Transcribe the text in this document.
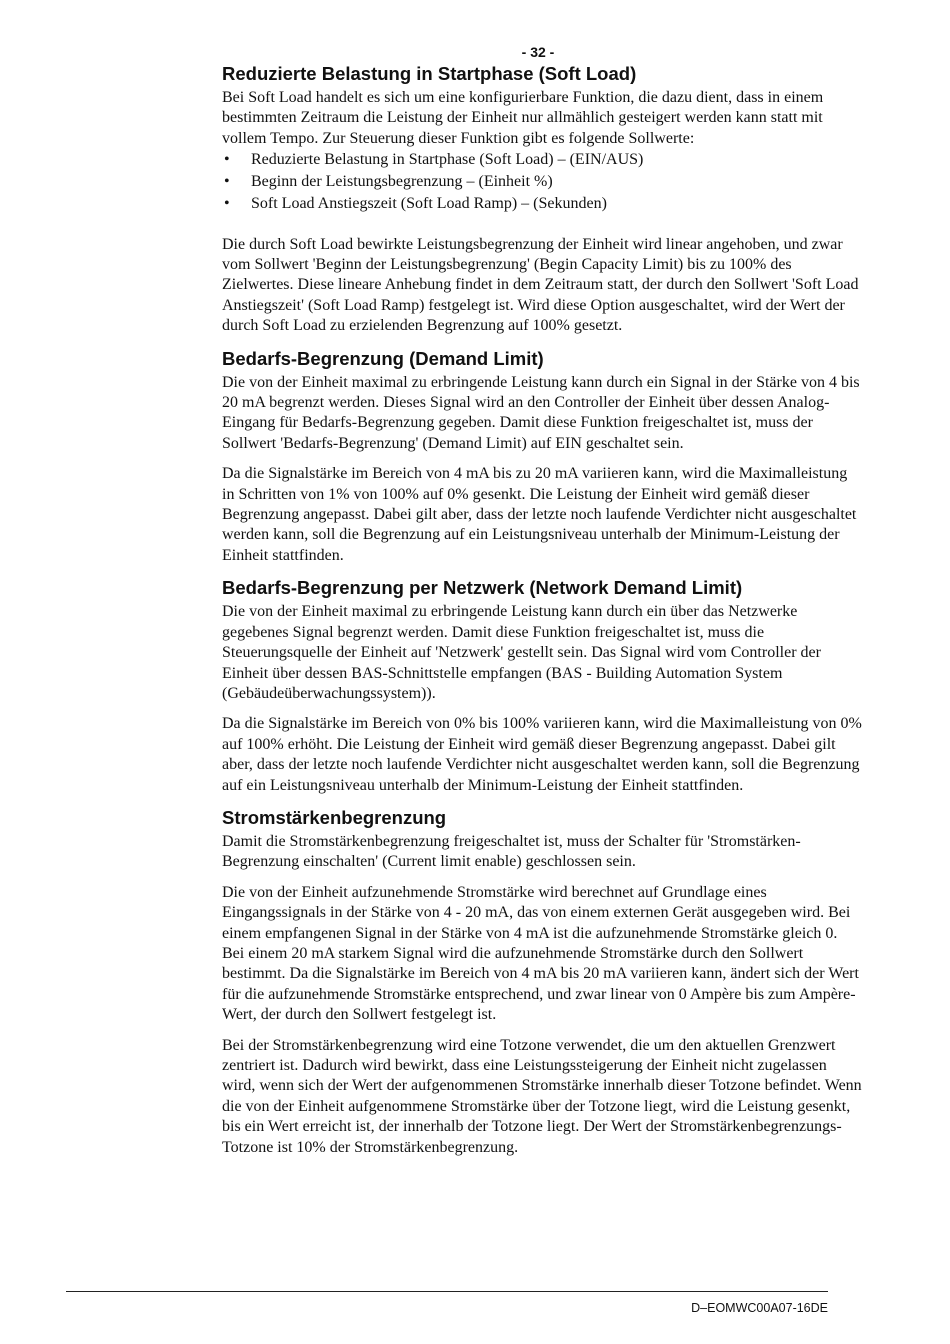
- 32 -
Reduzierte Belastung in Startphase (Soft Load)

Bei Soft Load handelt es sich um eine konfigurierbare Funktion, die dazu dient, dass in einem bestimmten Zeitraum die Leistung der Einheit nur allmählich gesteigert werden kann statt mit vollem Tempo. Zur Steuerung dieser Funktion gibt es folgende Sollwerte:

• Reduzierte Belastung in Startphase (Soft Load) – (EIN/AUS)
• Beginn der Leistungsbegrenzung – (Einheit %)
• Soft Load Anstiegszeit (Soft Load Ramp) – (Sekunden)

Die durch Soft Load bewirkte Leistungsbegrenzung der Einheit wird linear angehoben, und zwar vom Sollwert 'Beginn der Leistungsbegrenzung' (Begin Capacity Limit) bis zu 100% des Zielwertes. Diese lineare Anhebung findet in dem Zeitraum statt, der durch den Sollwert 'Soft Load Anstiegszeit' (Soft Load Ramp) festgelegt ist. Wird diese Option ausgeschaltet, wird der Wert der durch Soft Load zu erzielenden Begrenzung auf 100% gesetzt.

Bedarfs-Begrenzung (Demand Limit)

Die von der Einheit maximal zu erbringende Leistung kann durch ein Signal in der Stärke von 4 bis 20 mA begrenzt werden. Dieses Signal wird an den Controller der Einheit über dessen Analog-Eingang für Bedarfs-Begrenzung gegeben. Damit diese Funktion freigeschaltet ist, muss der Sollwert 'Bedarfs-Begrenzung' (Demand Limit) auf EIN geschaltet sein.

Da die Signalstärke im Bereich von 4 mA bis zu 20 mA variieren kann, wird die Maximalleistung in Schritten von 1% von 100% auf 0% gesenkt. Die Leistung der Einheit wird gemäß dieser Begrenzung angepasst. Dabei gilt aber, dass der letzte noch laufende Verdichter nicht ausgeschaltet werden kann, soll die Begrenzung auf ein Leistungsniveau unterhalb der Minimum-Leistung der Einheit stattfinden.

Bedarfs-Begrenzung per Netzwerk (Network Demand Limit)

Die von der Einheit maximal zu erbringende Leistung kann durch ein über das Netzwerke gegebenes Signal begrenzt werden. Damit diese Funktion freigeschaltet ist, muss die Steuerungsquelle der Einheit auf 'Netzwerk' gestellt sein. Das Signal wird vom Controller der Einheit über dessen BAS-Schnittstelle empfangen (BAS - Building Automation System (Gebäudeüberwachungssystem)).

Da die Signalstärke im Bereich von 0% bis 100% variieren kann, wird die Maximalleistung von 0% auf 100% erhöht. Die Leistung der Einheit wird gemäß dieser Begrenzung angepasst. Dabei gilt aber, dass der letzte noch laufende Verdichter nicht ausgeschaltet werden kann, soll die Begrenzung auf ein Leistungsniveau unterhalb der Minimum-Leistung der Einheit stattfinden.

Stromstärkenbegrenzung

Damit die Stromstärkenbegrenzung freigeschaltet ist, muss der Schalter für 'Stromstärken-Begrenzung einschalten' (Current limit enable) geschlossen sein.

Die von der Einheit aufzunehmende Stromstärke wird berechnet auf Grundlage eines Eingangssignals in der Stärke von 4 - 20 mA, das von einem externen Gerät ausgegeben wird. Bei einem empfangenen Signal in der Stärke von 4 mA ist die aufzunehmende Stromstärke gleich 0. Bei einem 20 mA starkem Signal wird die aufzunehmende Stromstärke durch den Sollwert bestimmt. Da die Signalstärke im Bereich von 4 mA bis 20 mA variieren kann, ändert sich der Wert für die aufzunehmende Stromstärke entsprechend, und zwar linear von 0 Ampère bis zum Ampère-Wert, der durch den Sollwert festgelegt ist.

Bei der Stromstärkenbegrenzung wird eine Totzone verwendet, die um den aktuellen Grenzwert zentriert ist. Dadurch wird bewirkt, dass eine Leistungssteigerung der Einheit nicht zugelassen wird, wenn sich der Wert der aufgenommenen Stromstärke innerhalb dieser Totzone befindet. Wenn die von der Einheit aufgenommene Stromstärke über der Totzone liegt, wird die Leistung gesenkt, bis ein Wert erreicht ist, der innerhalb der Totzone liegt. Der Wert der Stromstärkenbegrenzungs-Totzone ist 10% der Stromstärkenbegrenzung.

D–EOMWC00A07-16DE
